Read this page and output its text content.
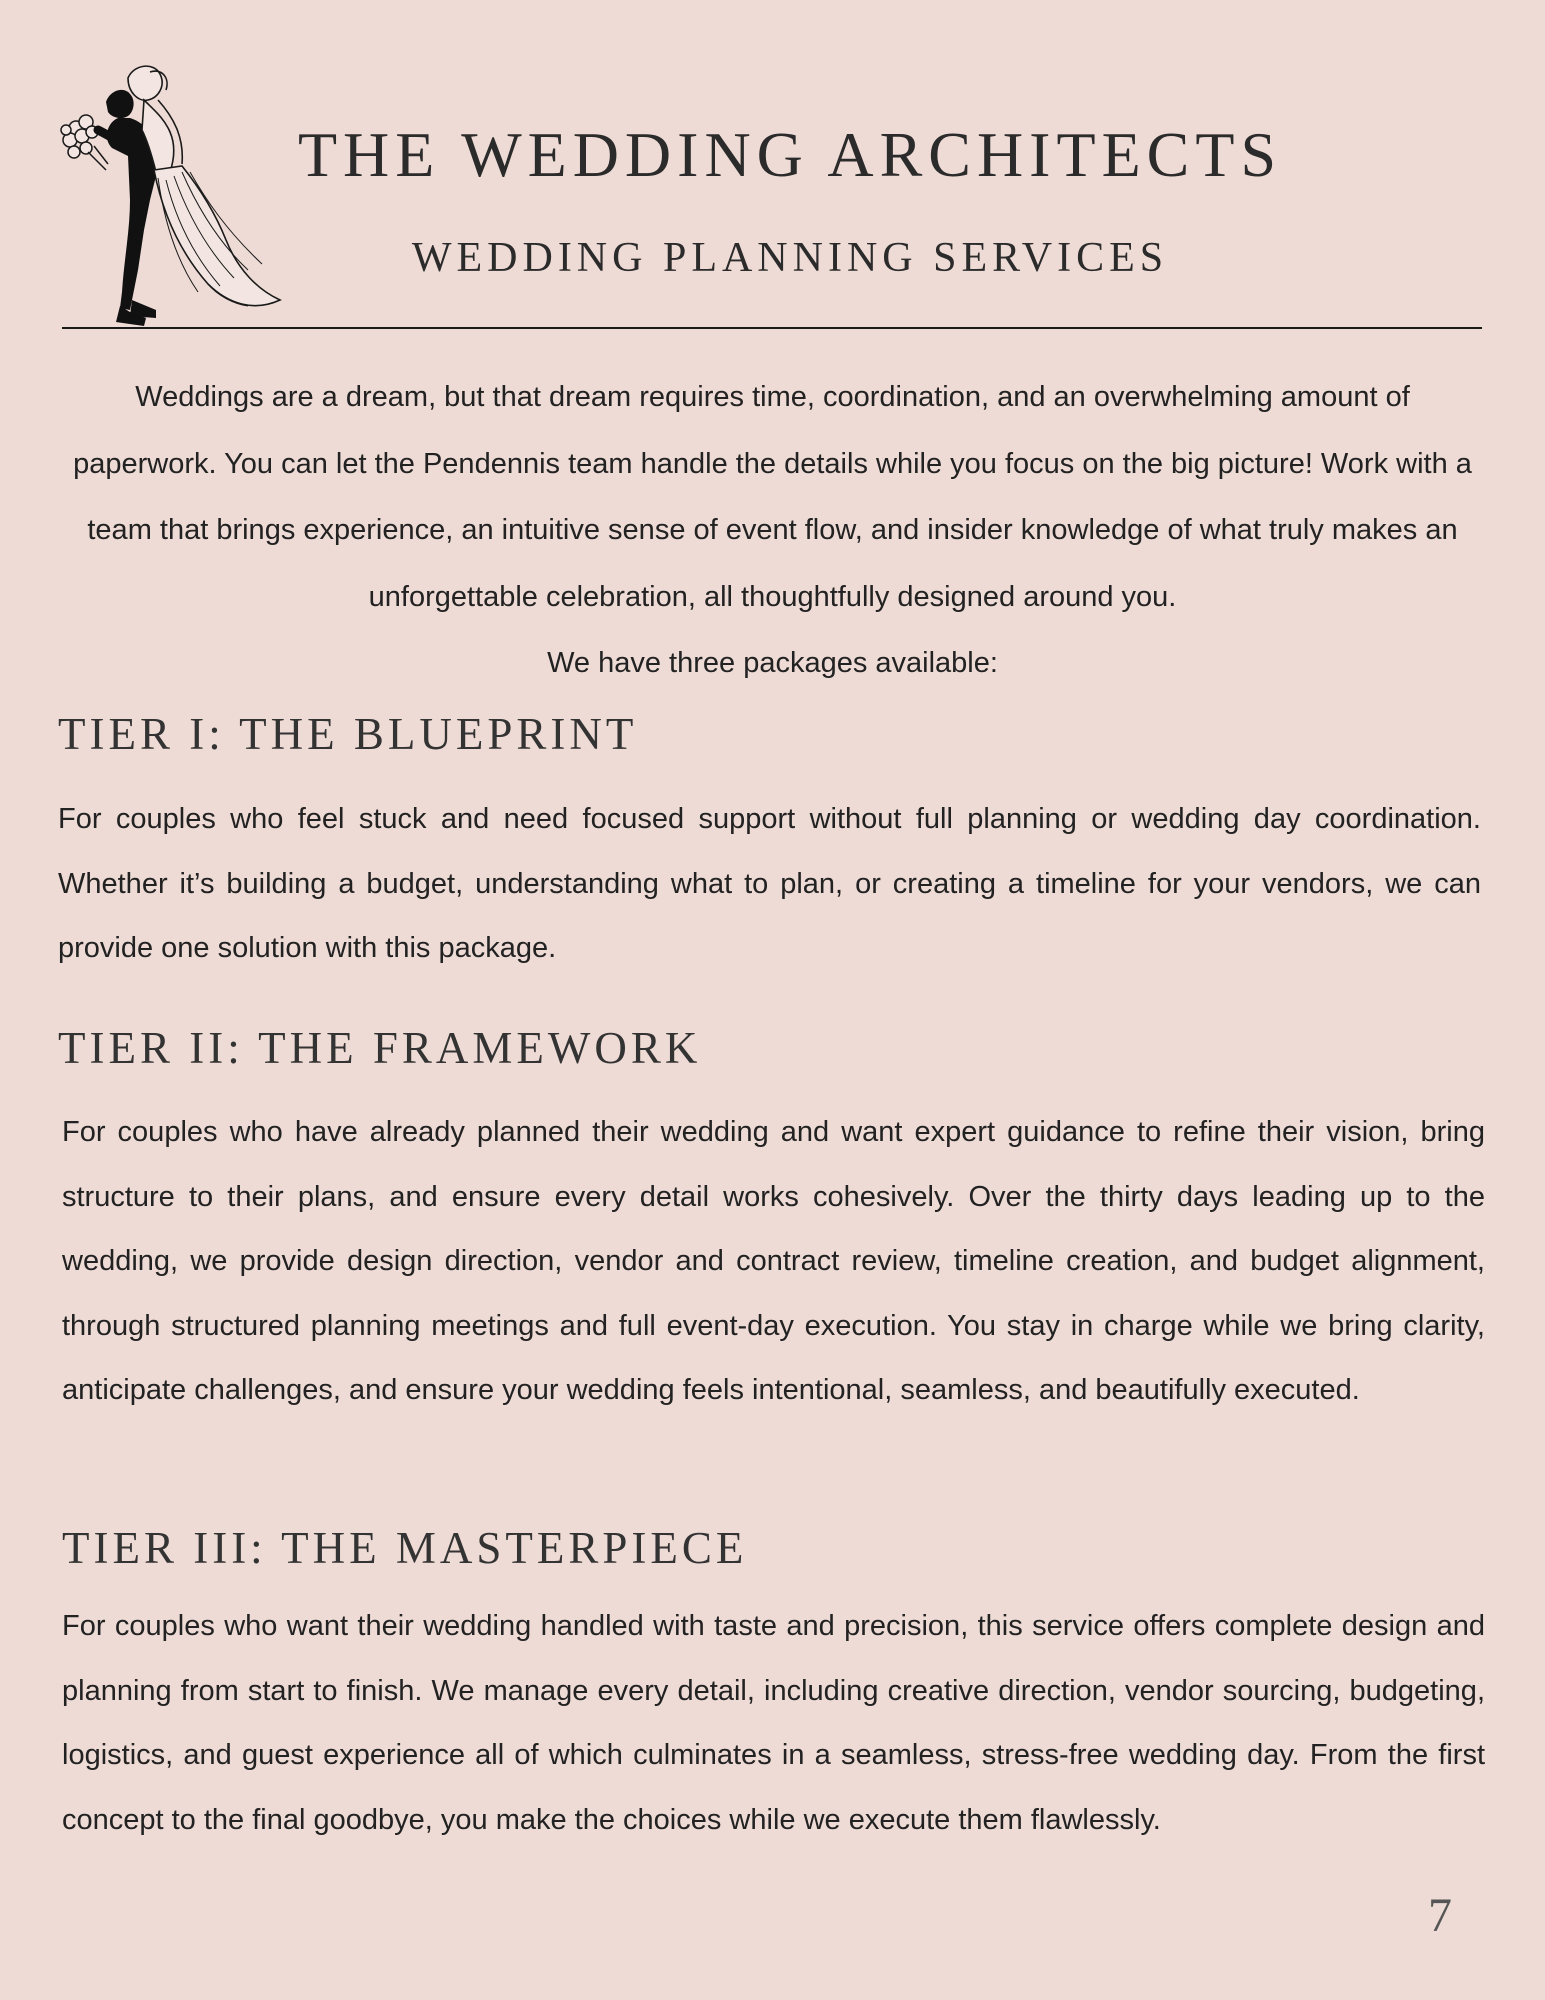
THE WEDDING ARCHITECTS
WEDDING PLANNING SERVICES

Weddings are a dream, but that dream requires time, coordination, and an overwhelming amount of paperwork. You can let the Pendennis team handle the details while you focus on the big picture! Work with a team that brings experience, an intuitive sense of event flow, and insider knowledge of what truly makes an unforgettable celebration, all thoughtfully designed around you.

We have three packages available:

TIER I: THE BLUEPRINT

For couples who feel stuck and need focused support without full planning or wedding day coordination. Whether it’s building a budget, understanding what to plan, or creating a timeline for your vendors, we can provide one solution with this package.

TIER II: THE FRAMEWORK

For couples who have already planned their wedding and want expert guidance to refine their vision, bring structure to their plans, and ensure every detail works cohesively. Over the thirty days leading up to the wedding, we provide design direction, vendor and contract review, timeline creation, and budget alignment, through structured planning meetings and full event-day execution. You stay in charge while we bring clarity, anticipate challenges, and ensure your wedding feels intentional, seamless, and beautifully executed.

TIER III: THE MASTERPIECE

For couples who want their wedding handled with taste and precision, this service offers complete design and planning from start to finish. We manage every detail, including creative direction, vendor sourcing, budgeting, logistics, and guest experience all of which culminates in a seamless, stress-free wedding day. From the first concept to the final goodbye, you make the choices while we execute them flawlessly.

7
